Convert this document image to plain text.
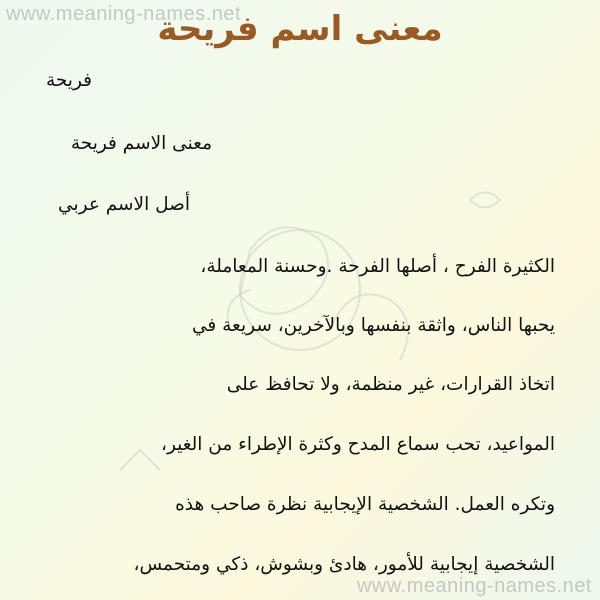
www.meaning-names.net
معنى اسم فريحة
فريحة
معنى الاسم فريحة
أصل الاسم عربي
الكثيرة الفرح ، أصلها الفرحة .وحسنة المعاملة،
يحبها الناس، واثقة بنفسها وبالآخرين، سريعة في
اتخاذ القرارات، غير منظمة، ولا تحافظ على
المواعيد، تحب سماع المدح وكثرة الإطراء من الغير،
وتكره العمل. الشخصية الإيجابية نظرة صاحب هذه
الشخصية إيجابية للأمور، هادئ وبشوش، ذكي ومتحمس،
www.meaning-names.net
